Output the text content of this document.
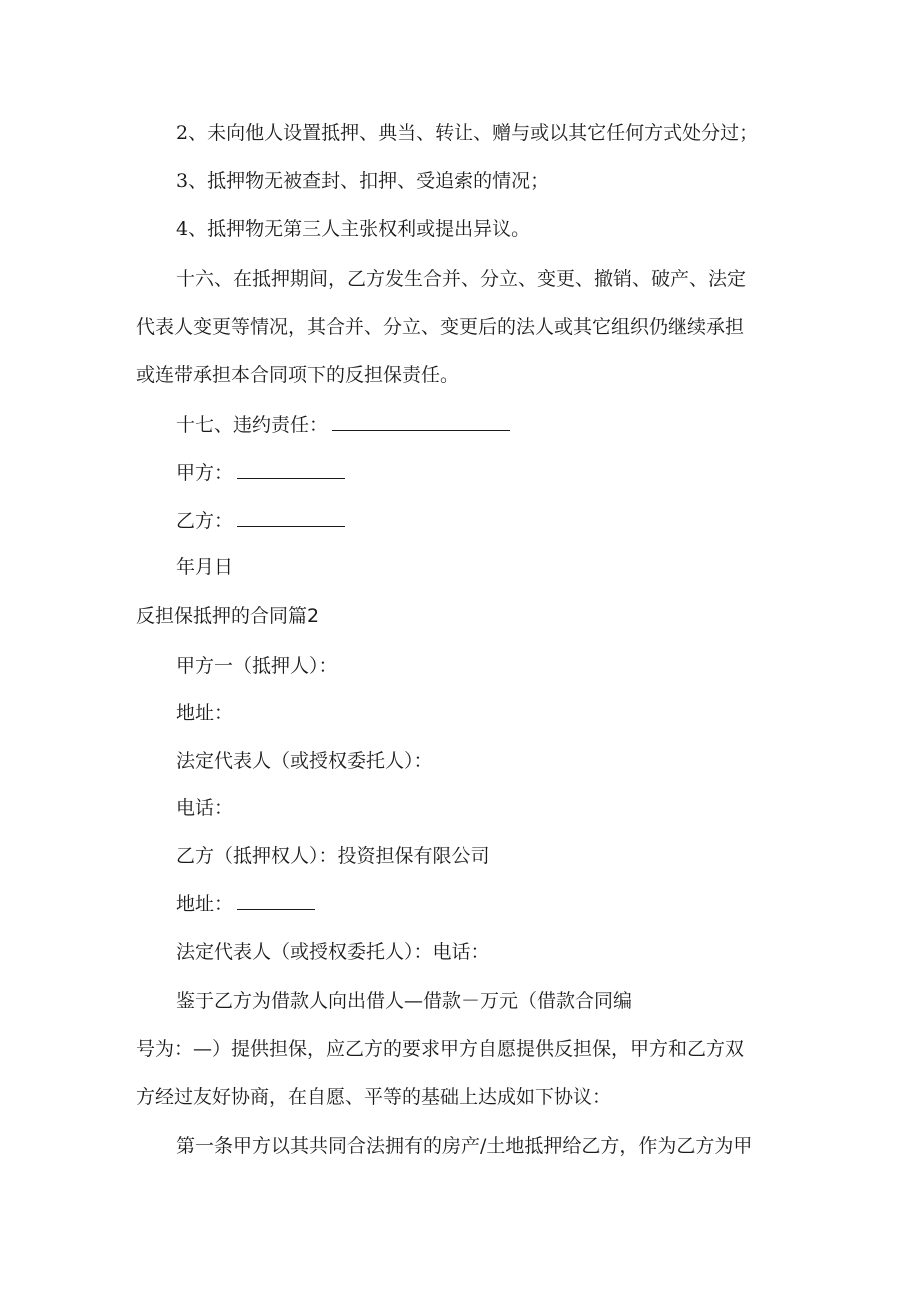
2、未向他人设置抵押、典当、转让、赠与或以其它任何方式处分过；
3、抵押物无被查封、扣押、受追索的情况；
4、抵押物无第三人主张权利或提出异议。
十六、在抵押期间，乙方发生合并、分立、变更、撤销、破产、法定
代表人变更等情况，其合并、分立、变更后的法人或其它组织仍继续承担
或连带承担本合同项下的反担保责任。
十七、违约责任：
甲方：
乙方：
年月日
反担保抵押的合同篇2
甲方一（抵押人）：
地址：
法定代表人（或授权委托人）：
电话：
乙方（抵押权人）：投资担保有限公司
地址：
法定代表人（或授权委托人）：电话：
鉴于乙方为借款人向出借人—借款－万元（借款合同编
号为：—）提供担保，应乙方的要求甲方自愿提供反担保，甲方和乙方双
方经过友好协商，在自愿、平等的基础上达成如下协议：
第一条甲方以其共同合法拥有的房产/土地抵押给乙方，作为乙方为甲
